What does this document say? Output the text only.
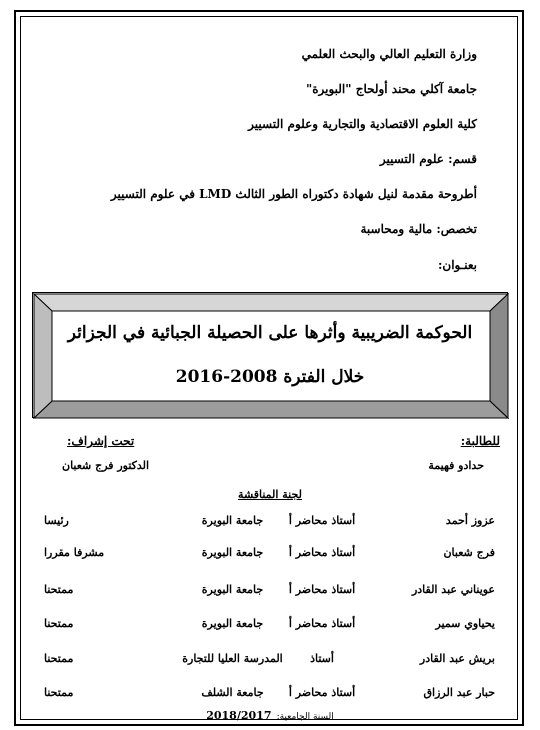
وزارة التعليم العالي والبحث العلمي
جامعة آكلي محند أولحاج "البويرة"
كلية العلوم الاقتصادية والتجارية وعلوم التسيير
قسم: علوم التسيير
أطروحة مقدمة لنيل شهادة دكتوراه الطور الثالث LMD في علوم التسيير
تخصص: مالية ومحاسبة
بعنـوان:
الحوكمة الضريبية وأثرها على الحصيلة الجبائية في الجزائر
خلال الفترة 2008-2016
للطالبة:
تحت إشراف:
حدادو فهيمة
الدكتور فرج شعبان
لجنة المناقشة
عزوز أحمد
أستاذ محاضر أ
جامعة البويرة
رئيسا
فرج شعبان
أستاذ محاضر أ
جامعة البويرة
مشرفا مقررا
عويناني عبد القادر
أستاذ محاضر أ
جامعة البويرة
ممتحنا
يحياوي سمير
أستاذ محاضر أ
جامعة البويرة
ممتحنا
بريش عبد القادر
أستاذ
المدرسة العليا للتجارة
ممتحنا
حبار عبد الرزاق
أستاذ محاضر أ
جامعة الشلف
ممتحنا
السنة الجامعية: 2018/2017
